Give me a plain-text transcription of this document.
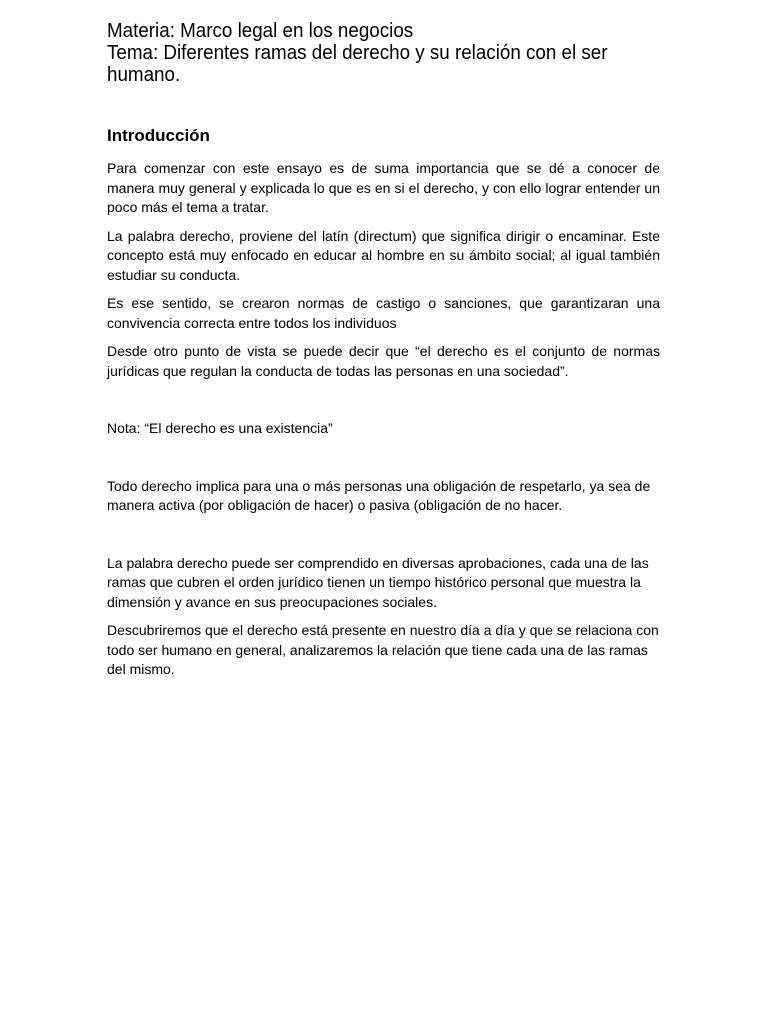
Materia: Marco legal en los negocios
Tema: Diferentes ramas del derecho y su relación con el ser humano.
Introducción

Para comenzar con este ensayo es de suma importancia que se dé a conocer de manera muy general y explicada lo que es en si el derecho, y con ello lograr entender un poco más el tema a tratar.

La palabra derecho, proviene del latín (directum) que significa dirigir o encaminar. Este concepto está muy enfocado en educar al hombre en su ámbito social; al igual también estudiar su conducta.

Es ese sentido, se crearon normas de castigo o sanciones, que garantizaran una convivencia correcta entre todos los individuos

Desde otro punto de vista se puede decir que “el derecho es el conjunto de normas jurídicas que regulan la conducta de todas las personas en una sociedad”.

Nota: “El derecho es una existencia”

Todo derecho implica para una o más personas una obligación de respetarlo, ya sea de manera activa (por obligación de hacer) o pasiva (obligación de no hacer.

La palabra derecho puede ser comprendido en diversas aprobaciones, cada una de las ramas que cubren el orden jurídico tienen un tiempo histórico personal que muestra la dimensión y avance en sus preocupaciones sociales.

Descubriremos que el derecho está presente en nuestro día a día y que se relaciona con todo ser humano en general, analizaremos la relación que tiene cada una de las ramas del mismo.
